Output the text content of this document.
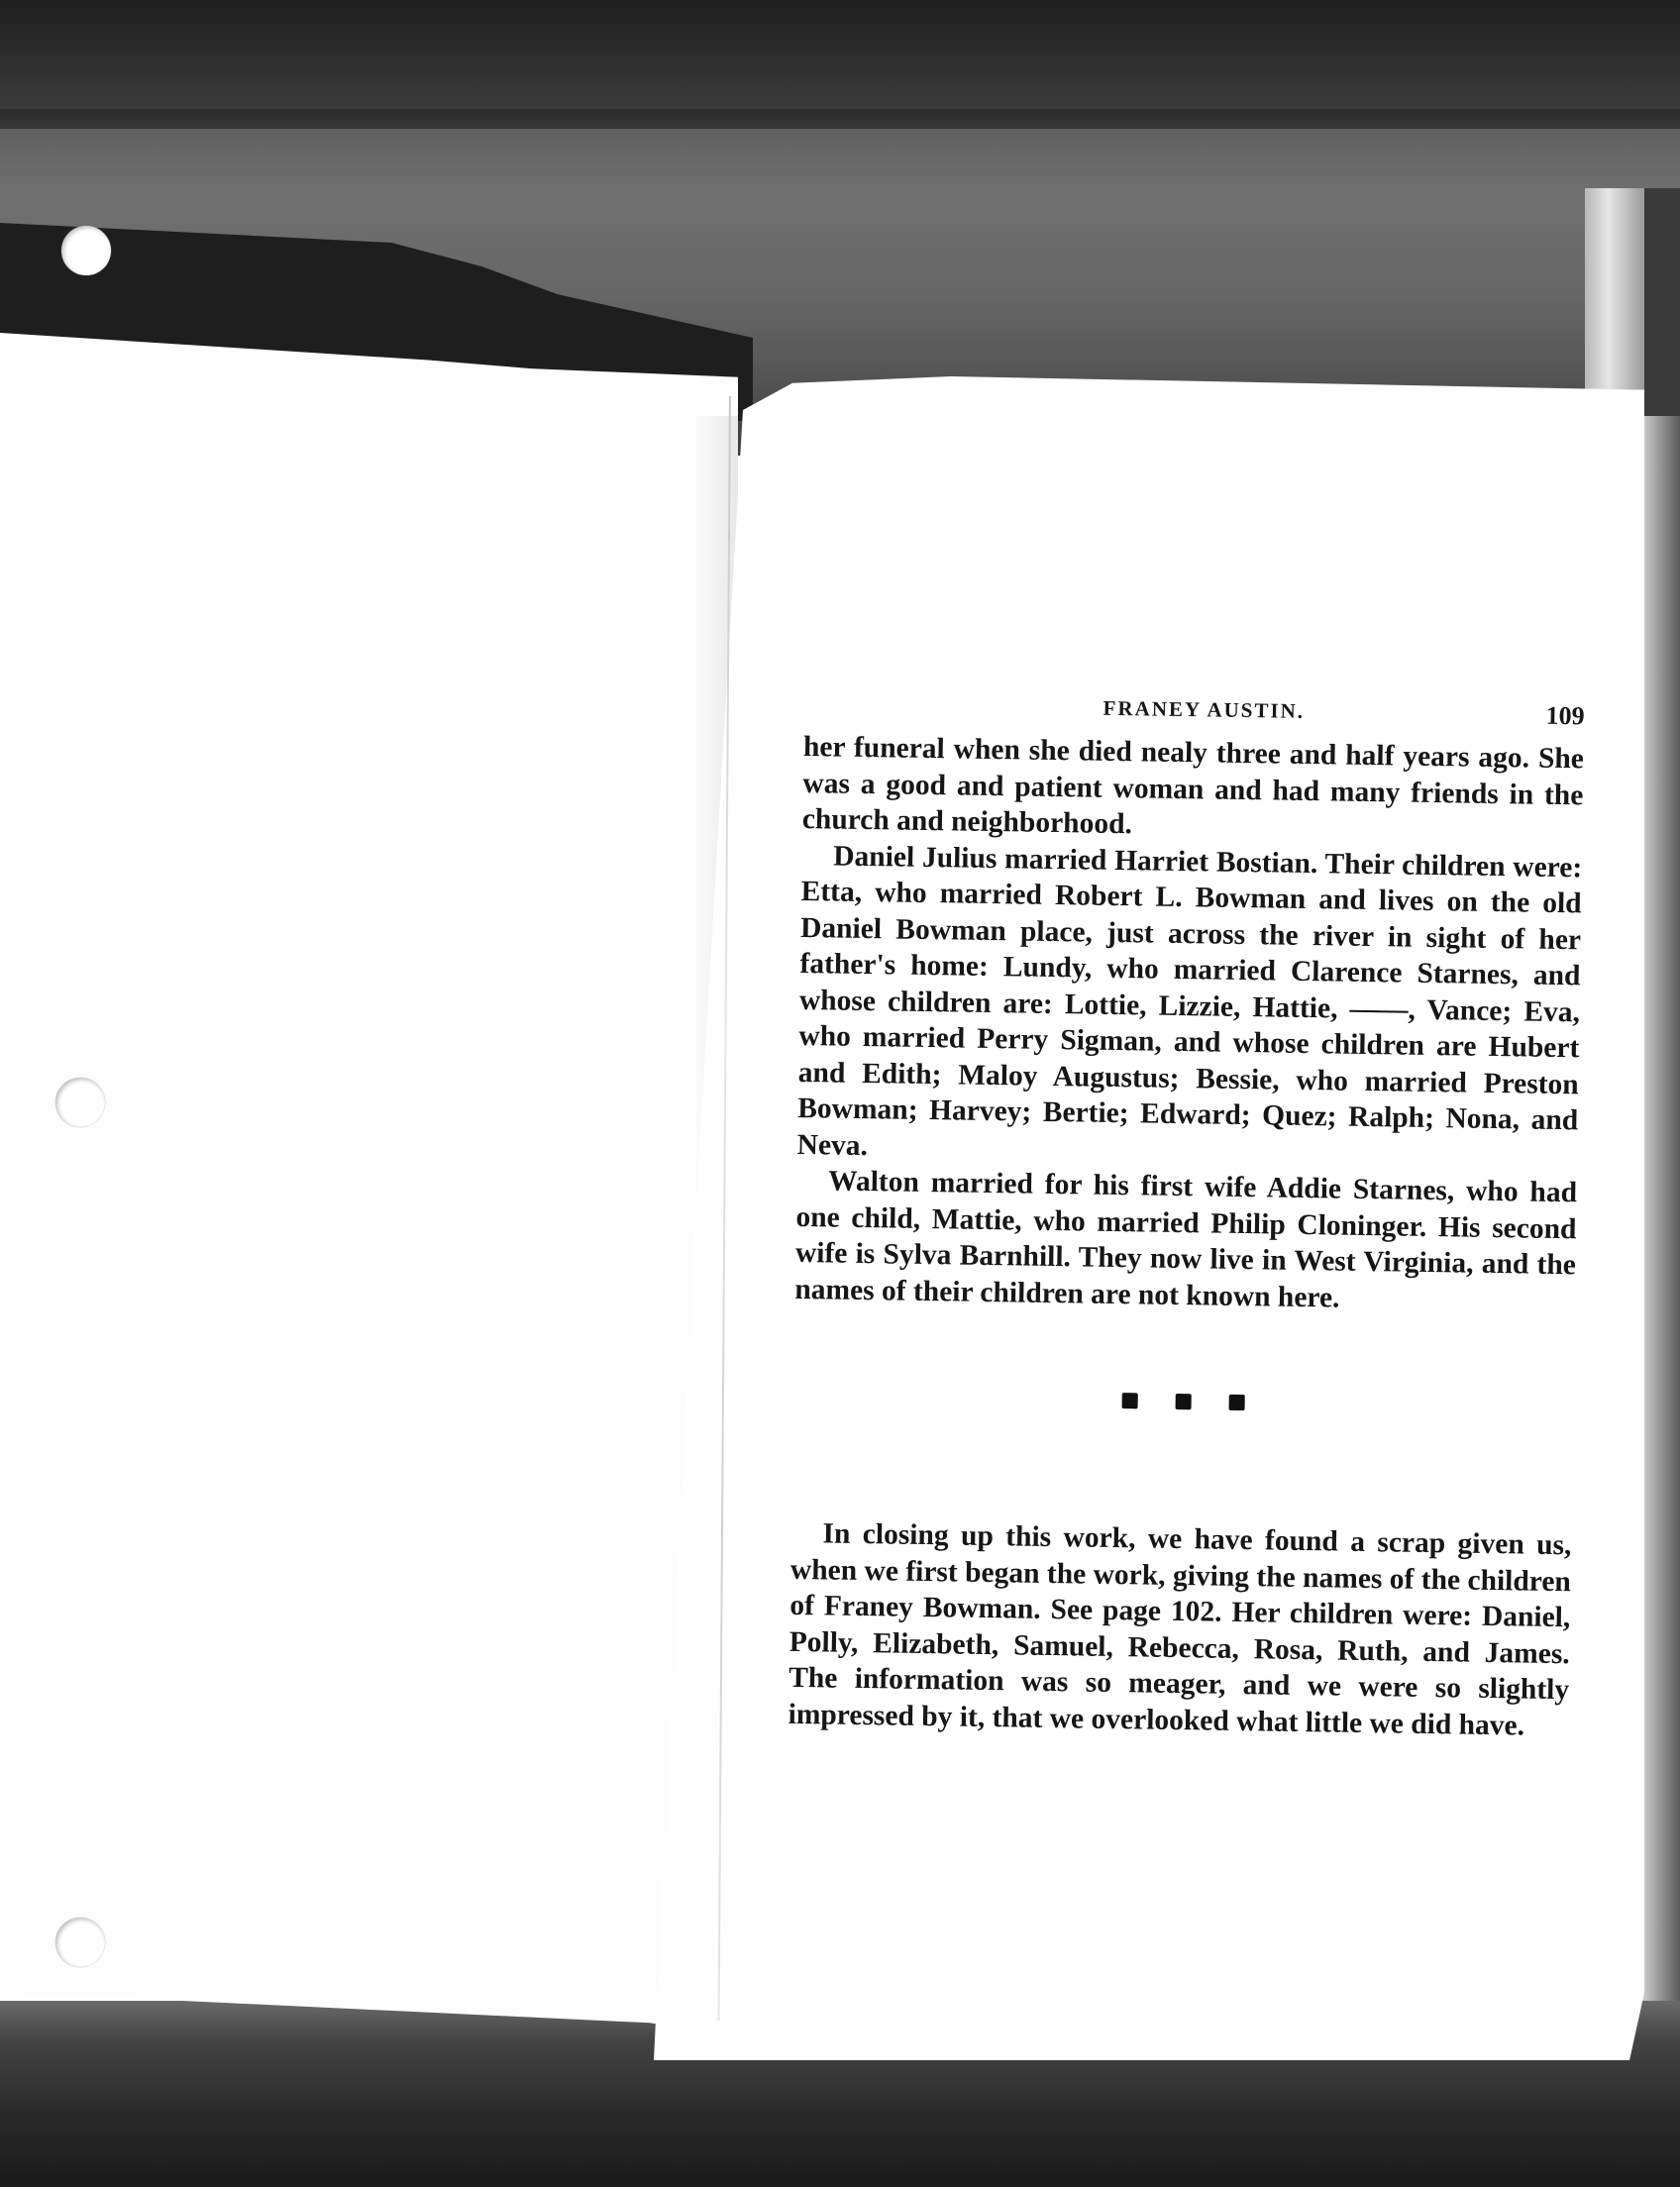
FRANEY AUSTIN.	109

her funeral when she died nealy three and half years ago. She was a good and patient woman and had many friends in the church and neighborhood.

Daniel Julius married Harriet Bostian. Their children were: Etta, who married Robert L. Bowman and lives on the old Daniel Bowman place, just across the river in sight of her father's home: Lundy, who married Clarence Starnes, and whose children are: Lottie, Lizzie, Hattie, ——, Vance; Eva, who married Perry Sigman, and whose children are Hubert and Edith; Maloy Augustus; Bessie, who married Preston Bowman; Harvey; Bertie; Edward; Quez; Ralph; Nona, and Neva.

Walton married for his first wife Addie Starnes, who had one child, Mattie, who married Philip Cloninger. His second wife is Sylva Barnhill. They now live in West Virginia, and the names of their children are not known here.

In closing up this work, we have found a scrap given us, when we first began the work, giving the names of the children of Franey Bowman. See page 102. Her children were: Daniel, Polly, Elizabeth, Samuel, Rebecca, Rosa, Ruth, and James. The information was so meager, and we were so slightly impressed by it, that we overlooked what little we did have.
